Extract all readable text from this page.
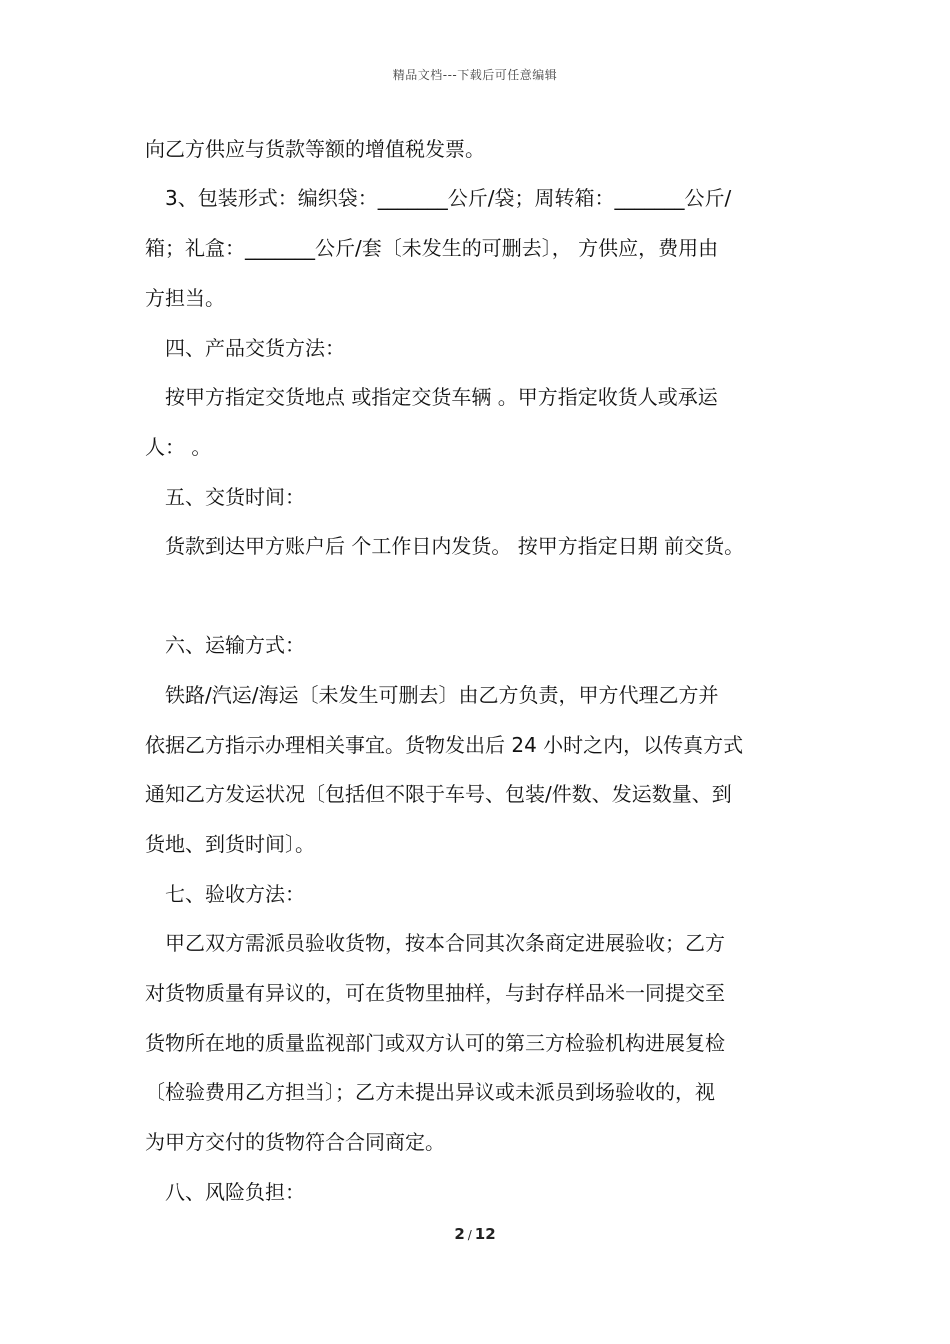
精品文档---下载后可任意编辑
向乙方供应与货款等额的增值税发票。
3、包装形式：编织袋：_______公斤/袋；周转箱：_______公斤/
箱；礼盒：_______公斤/套〔未发生的可删去〕， 方供应，费用由
方担当。
四、产品交货方法：
按甲方指定交货地点 或指定交货车辆 。甲方指定收货人或承运
人： 。
五、交货时间：
货款到达甲方账户后 个工作日内发货。 按甲方指定日期 前交货。
六、运输方式：
铁路/汽运/海运〔未发生可删去〕由乙方负责，甲方代理乙方并
依据乙方指示办理相关事宜。货物发出后 24 小时之内，以传真方式
通知乙方发运状况〔包括但不限于车号、包装/件数、发运数量、到
货地、到货时间〕。
七、验收方法：
甲乙双方需派员验收货物，按本合同其次条商定进展验收；乙方
对货物质量有异议的，可在货物里抽样，与封存样品米一同提交至
货物所在地的质量监视部门或双方认可的第三方检验机构进展复检
〔检验费用乙方担当〕；乙方未提出异议或未派员到场验收的，视
为甲方交付的货物符合合同商定。
八、风险负担：
2 / 12
